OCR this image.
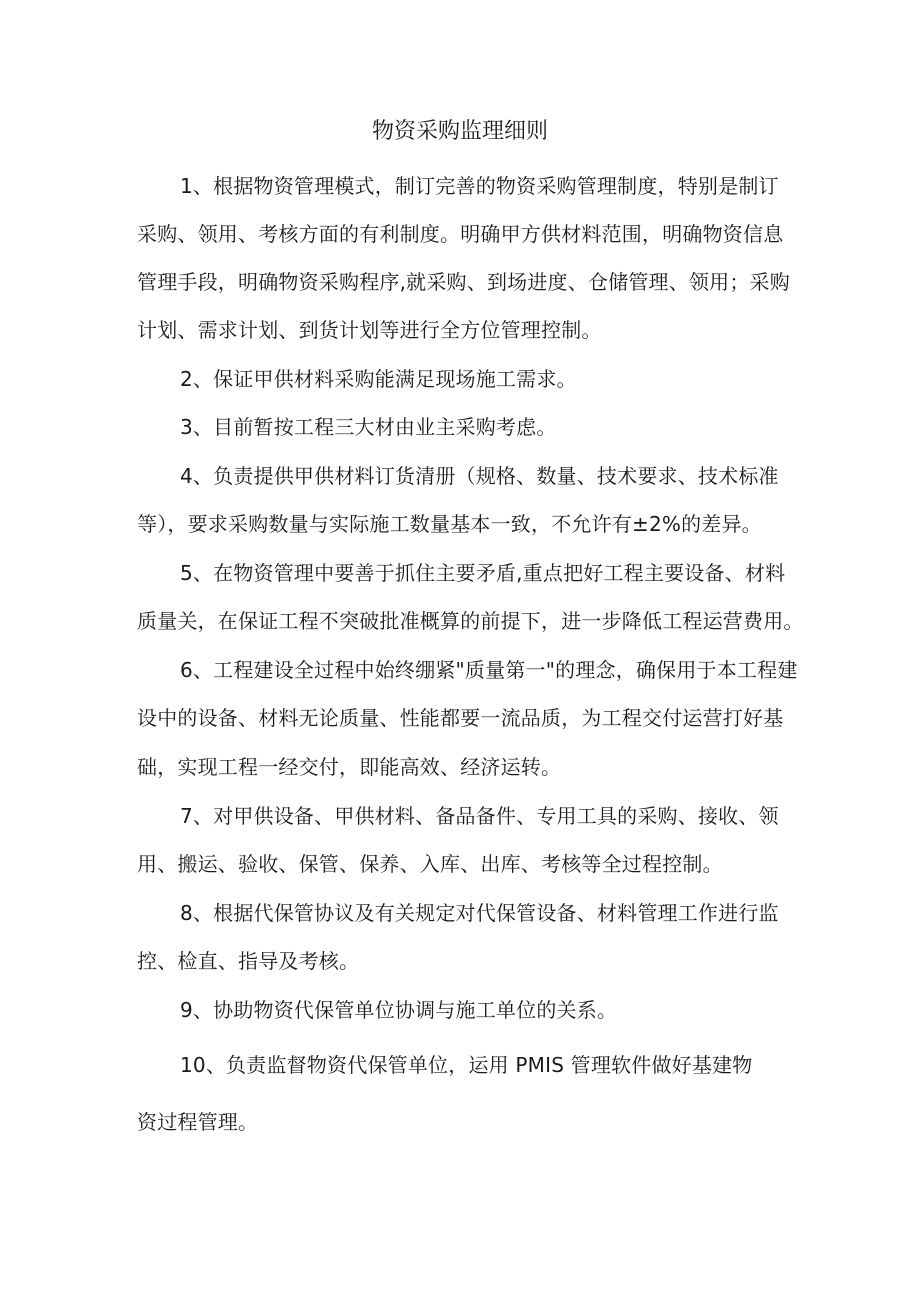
物资采购监理细则
1、根据物资管理模式，制订完善的物资采购管理制度，特别是制订
采购、领用、考核方面的有利制度。明确甲方供材料范围，明确物资信息
管理手段，明确物资采购程序,就采购、到场进度、仓储管理、领用；采购
计划、需求计划、到货计划等进行全方位管理控制。
2、保证甲供材料采购能满足现场施工需求。
3、目前暂按工程三大材由业主采购考虑。
4、负责提供甲供材料订货清册（规格、数量、技术要求、技术标准
等），要求采购数量与实际施工数量基本一致，不允许有±2%的差异。
5、在物资管理中要善于抓住主要矛盾,重点把好工程主要设备、材料
质量关，在保证工程不突破批准概算的前提下，进一步降低工程运营费用。
6、工程建设全过程中始终绷紧"质量第一"的理念，确保用于本工程建
设中的设备、材料无论质量、性能都要一流品质，为工程交付运营打好基
础，实现工程一经交付，即能高效、经济运转。
7、对甲供设备、甲供材料、备品备件、专用工具的采购、接收、领
用、搬运、验收、保管、保养、入库、出库、考核等全过程控制。
8、根据代保管协议及有关规定对代保管设备、材料管理工作进行监
控、检直、指导及考核。
9、协助物资代保管单位协调与施工单位的关系。
10、负责监督物资代保管单位，运用 PMIS 管理软件做好基建物
资过程管理。
